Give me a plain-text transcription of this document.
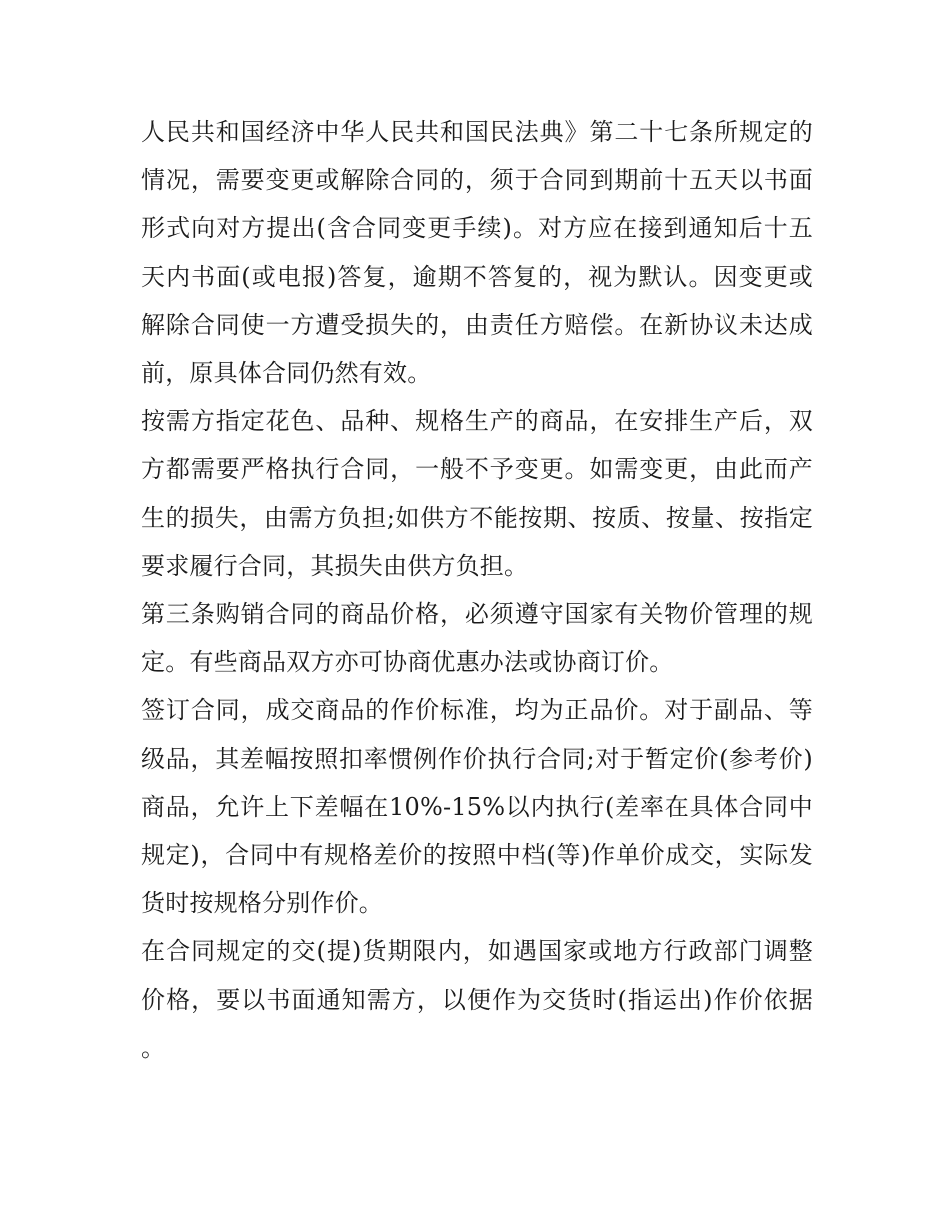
人民共和国经济中华人民共和国民法典》第二十七条所规定的情况，需要变更或解除合同的，须于合同到期前十五天以书面形式向对方提出(含合同变更手续)。对方应在接到通知后十五天内书面(或电报)答复，逾期不答复的，视为默认。因变更或解除合同使一方遭受损失的，由责任方赔偿。在新协议未达成前，原具体合同仍然有效。

按需方指定花色、品种、规格生产的商品，在安排生产后，双方都需要严格执行合同，一般不予变更。如需变更，由此而产生的损失，由需方负担;如供方不能按期、按质、按量、按指定要求履行合同，其损失由供方负担。

第三条购销合同的商品价格，必须遵守国家有关物价管理的规定。有些商品双方亦可协商优惠办法或协商订价。

签订合同，成交商品的作价标准，均为正品价。对于副品、等级品，其差幅按照扣率惯例作价执行合同;对于暂定价(参考价)商品，允许上下差幅在10%-15%以内执行(差率在具体合同中规定)，合同中有规格差价的按照中档(等)作单价成交，实际发货时按规格分别作价。

在合同规定的交(提)货期限内，如遇国家或地方行政部门调整价格，要以书面通知需方，以便作为交货时(指运出)作价依据。
